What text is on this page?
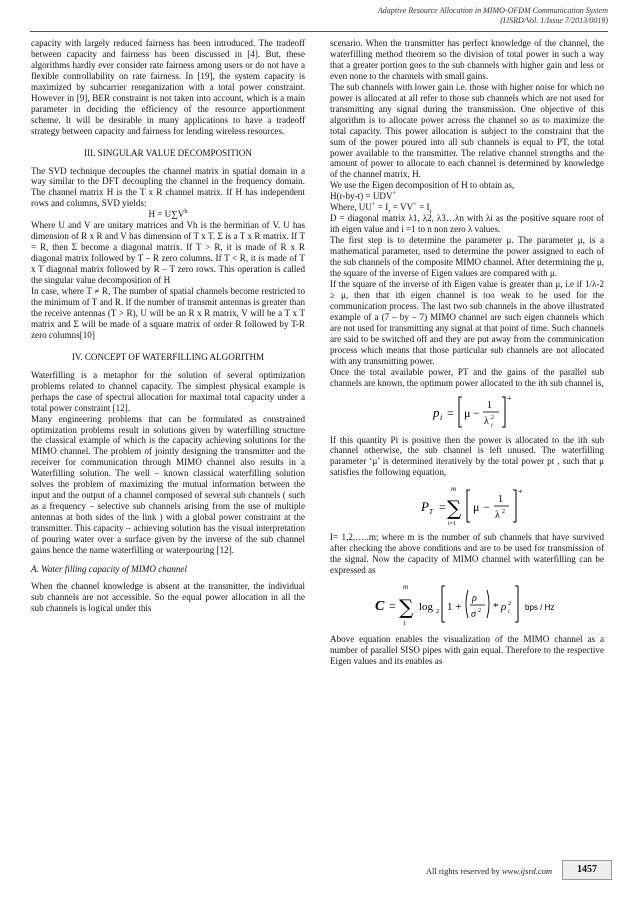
Adaptive Resource Allocation in MIMO-OFDM Communication System
(IJSRD/Vol. 1/Issue 7/2013/0019)

capacity with largely reduced fairness has been introduced. The tradeoff between capacity and fairness has been discussed in [4]. But, these algorithms hardly ever consider rate fairness among users or do not have a flexible controllability on rate fairness. In [19], the system capacity is maximized by subcarrier reorganization with a total power constraint. However in [9], BER constraint is not taken into account, which is a main parameter in deciding the efficiency of the resource apportionment scheme. It will be desirable in many applications to have a tradeoff strategy between capacity and fairness for lending wireless resources.

III. SINGULAR VALUE DECOMPOSITION

The SVD technique decouples the channel matrix in spatial domain in a way similar to the DFT decoupling the channel in the frequency domain. The channel matrix H is the T x R channel matrix. If H has independent rows and columns, SVD yields:

$H = U\sum V^h$

Where U and V are unitary matrices and Vh is the hermitian of V. U has dimension of R x R and V has dimension of T x T. Σ is a T x R matrix. If T = R, then Σ become a diagonal matrix. If T > R, it is made of R x R diagonal matrix followed by T – R zero columns. If T < R, it is made of T x T diagonal matrix followed by R – T zero rows. This operation is called the singular value decomposition of H

In case, where T ≠ R, The number of spatial channels become restricted to the minimum of T and R. If the number of transmit antennas is greater than the receive antennas (T > R), U will be an R x R matrix, V will be a T x T matrix and Σ will be made of a square matrix of order R followed by T-R zero columns[10]

IV. CONCEPT OF WATERFILLING ALGORITHM

Waterfilling is a metaphor for the solution of several optimization problems related to channel capacity. The simplest physical example is perhaps the case of spectral allocation for maximal total capacity under a total power constraint [12].

Many engineering problems that can be formulated as constrained optimization problems result in solutions given by waterfilling structure the classical example of which is the capacity achieving solutions for the MIMO channel. The problem of jointly designing the transmitter and the receiver for communication through MIMO channel also results in a Waterfilling solution. The well – known classical waterfilling solution solves the problem of maximizing the mutual information between the input and the output of a channel composed of several sub channels ( such as a frequency – selective sub channels arising from the use of multiple antennas at both sides of the link ) with a global power constraint at the transmitter. This capacity – achieving solution has the visual interpretation of pouring water over a surface given by the inverse of the sub channel gains hence the name waterfilling or waterpouring [12].

A. Water filling capacity of MIMO channel

When the channel knowledge is absent at the transmitter, the individual sub channels are not accessible. So the equal power allocation in all the sub channels is logical under this

scenario. When the transmitter has perfect knowledge of the channel, the waterfilling method theorem so the division of total power in such a way that a greater portion goes to the sub channels with higher gain and less or even none to the channels with small gains.

The sub channels with lower gain i.e. those with higher noise for which no power is allocated at all refer to those sub channels which are not used for transmitting any signal during the transmission. One objective of this algorithm is to allocate power across the channel so as to maximize the total capacity. This power allocation is subject to the constraint that the sum of the power poured into all sub channels is equal to PT, the total power available to the transmitter. The relative channel strengths and the amount of power to allocate to each channel is determined by knowledge of the channel matrix, H.

We use the Eigen decomposition of H to obtain as,

H(r-by-t) = UDV+

Where, $UU^+ = I_r = VV^+ = I_t$

D = diagonal matrix λ1, λ2, λ3…λn with λi as the positive square root of ith eigen value and i =1 to n non zero λ values.

The first step is to determine the parameter μ. The parameter μ, is a mathematical parameter, used to determine the power assigned to each of the sub channels of the composite MIMO channel. After determining the μ, the square of the inverse of Eigen values are compared with μ.

If the square of the inverse of ith Eigen value is greater than μ, i.e if 1/λ-2 ≥ μ, then that ith eigen channel is too weak to be used for the communication process. The last two sub channels in the above illustrated example of a (7 – by – 7) MIMO channel are such eigen channels which are not used for transmitting any signal at that point of time. Such channels are said to be switched off and they are put away from the communication process which means that those particular sub channels are not allocated with any transmitting power.

Once the total available power, PT and the gains of the parallel sub channels are known, the optimum power allocated to the ith sub channel is,

p i = μ −
1
λ 2
i
+

If this quantity Pi is positive then the power is allocated to the ith sub channel otherwise, the sub channel is left unused. The waterfilling parameter ‘μ’ is determined iteratively by the total power pt , such that μ satisfies the following equation,

P T =
m
∑
i=1
μ −
1
λ 2
+

I= 1,2,…..m; where m is the number of sub channels that have survived after checking the above conditions and are to be used for transmission of the signal. Now the capacity of MIMO channel with waterfilling can be expressed as

C =
m
∑
1
log 2 1 +
ρ
σ 2 * ρ 2
i bps / Hz

Above equation enables the visualization of the MIMO channel as a number of parallel SISO pipes with gain equal. Therefore to the respective Eigen values and its enables as

All rights reserved by www.ijsrd.com	1457
